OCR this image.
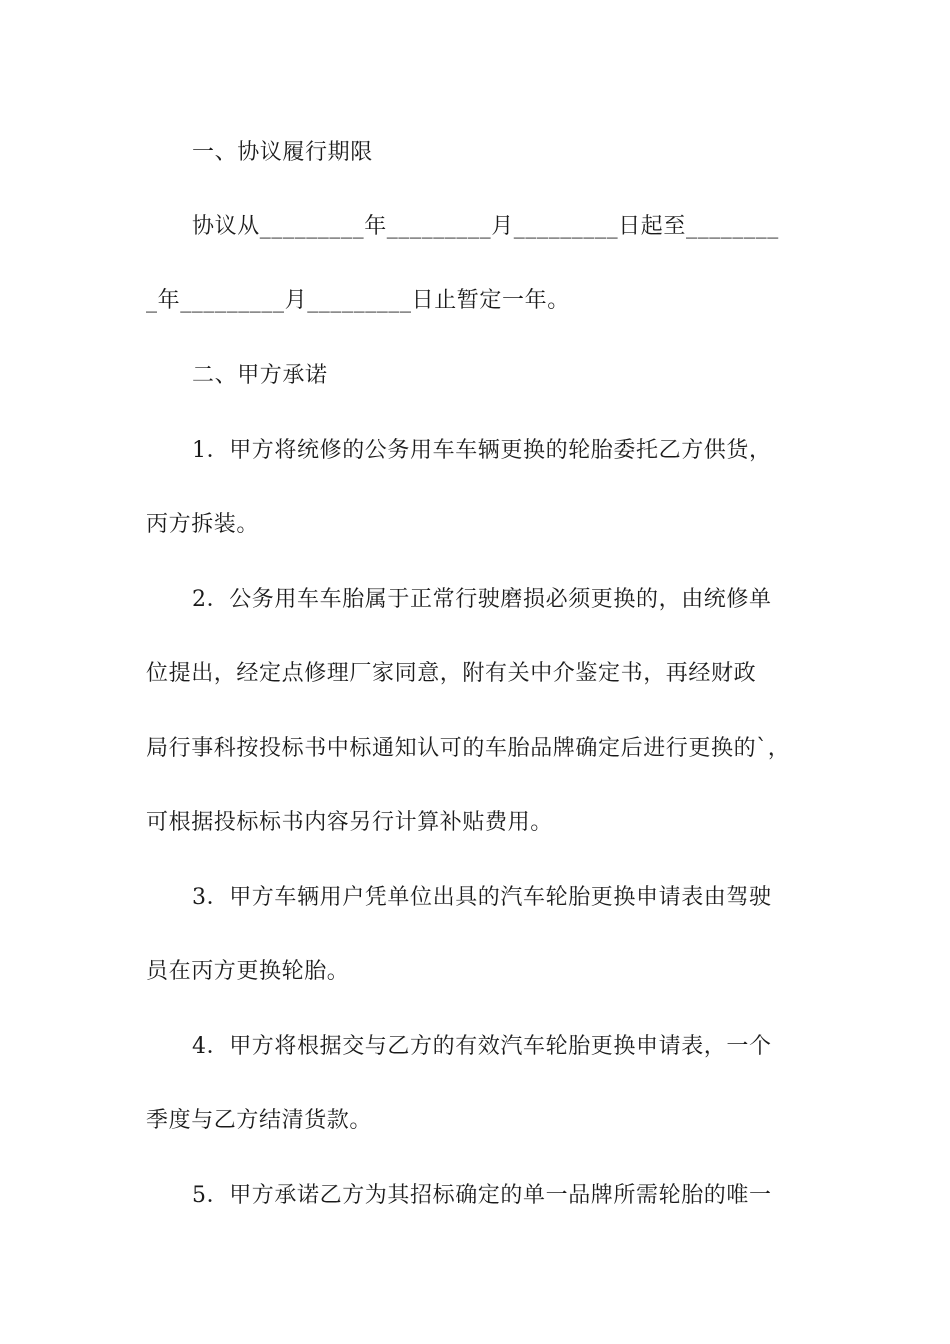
一、协议履行期限
协议从_________年_________月_________日起至________
_年_________月_________日止暂定一年。
二、甲方承诺
1．甲方将统修的公务用车车辆更换的轮胎委托乙方供货，
丙方拆装。
2．公务用车车胎属于正常行驶磨损必须更换的，由统修单
位提出，经定点修理厂家同意，附有关中介鉴定书，再经财政
局行事科按投标书中标通知认可的车胎品牌确定后进行更换的`，
可根据投标标书内容另行计算补贴费用。
3．甲方车辆用户凭单位出具的汽车轮胎更换申请表由驾驶
员在丙方更换轮胎。
4．甲方将根据交与乙方的有效汽车轮胎更换申请表，一个
季度与乙方结清货款。
5．甲方承诺乙方为其招标确定的单一品牌所需轮胎的唯一
